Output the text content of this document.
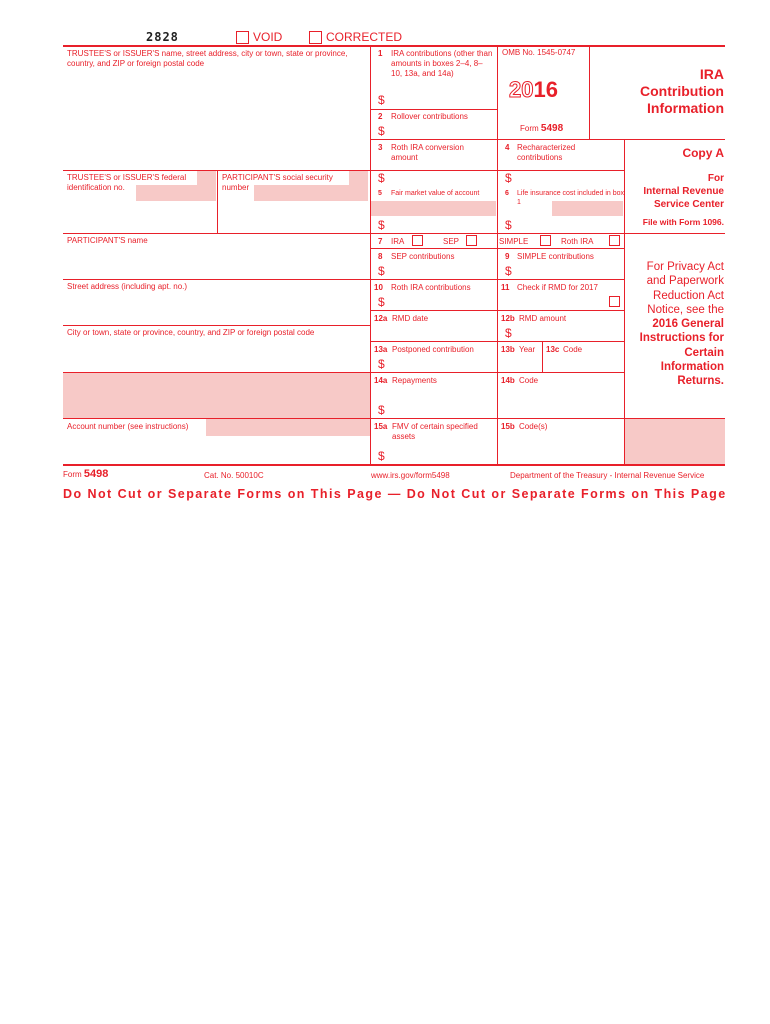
2828	VOID	CORRECTED
TRUSTEE'S or ISSUER'S name, street address, city or town, state or province, country, and ZIP or foreign postal code
TRUSTEE'S or ISSUER'S federal identification no.
PARTICIPANT'S social security number
PARTICIPANT'S name
Street address (including apt. no.)
City or town, state or province, country, and ZIP or foreign postal code
Account number (see instructions)
1 IRA contributions (other than amounts in boxes 2–4, 8–10, 13a, and 14a)
$
OMB No. 1545-0747
2016
Form 5498
IRA
Contribution
Information
2 Rollover contributions
$
3 Roth IRA conversion amount
$
4 Recharacterized contributions
$
Copy A
For
Internal Revenue
Service Center
File with Form 1096.
5 Fair market value of account
$
6 Life insurance cost included in box 1
$
7 IRA	SEP	SIMPLE	Roth IRA
8 SEP contributions
$
9 SIMPLE contributions
$	For Privacy Act
and Paperwork
Reduction Act
Notice, see the
2016 General
Instructions for
Certain
Information
Returns.
10 Roth IRA contributions
$
11 Check if RMD for 2017
12a RMD date	12b RMD amount
$
13a Postponed contribution
$
13b Year 13c Code
14a Repayments
$
14b Code
15a FMV of certain specified assets
$
15b Code(s)
Form 5498	Cat. No. 50010C	www.irs.gov/form5498	Department of the Treasury - Internal Revenue Service
Do Not Cut or Separate Forms on This Page — Do Not Cut or Separate Forms on This Page
